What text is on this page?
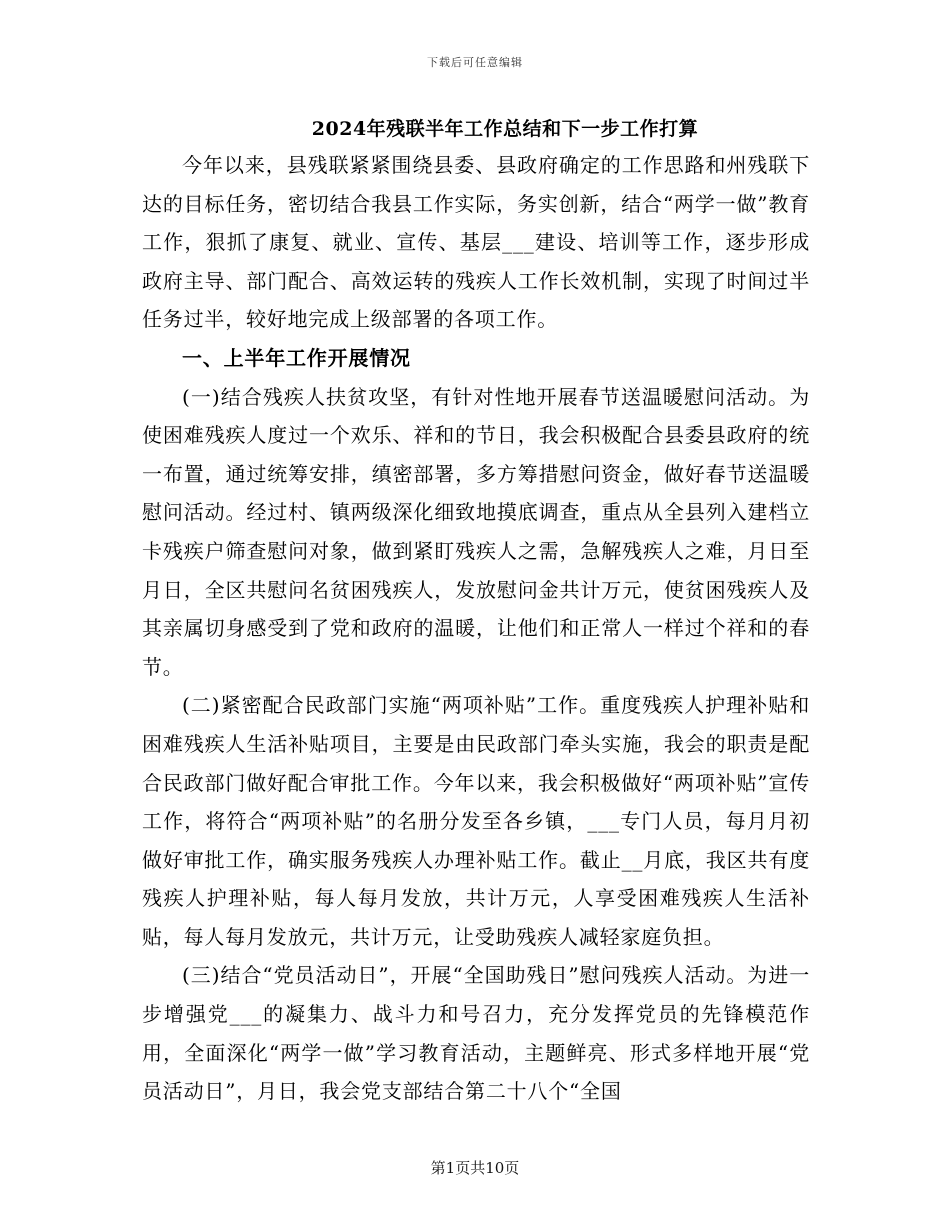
下载后可任意编辑
2024年残联半年工作总结和下一步工作打算

今年以来，县残联紧紧围绕县委、县政府确定的工作思路和州残联下达的目标任务，密切结合我县工作实际，务实创新，结合“两学一做”教育工作，狠抓了康复、就业、宣传、基层___建设、培训等工作，逐步形成政府主导、部门配合、高效运转的残疾人工作长效机制，实现了时间过半任务过半，较好地完成上级部署的各项工作。

一、上半年工作开展情况

(一)结合残疾人扶贫攻坚，有针对性地开展春节送温暖慰问活动。为使困难残疾人度过一个欢乐、祥和的节日，我会积极配合县委县政府的统一布置，通过统筹安排，缜密部署，多方筹措慰问资金，做好春节送温暖慰问活动。经过村、镇两级深化细致地摸底调查，重点从全县列入建档立卡残疾户筛查慰问对象，做到紧盯残疾人之需，急解残疾人之难，月日至月日，全区共慰问名贫困残疾人，发放慰问金共计万元，使贫困残疾人及其亲属切身感受到了党和政府的温暖，让他们和正常人一样过个祥和的春节。

(二)紧密配合民政部门实施“两项补贴”工作。重度残疾人护理补贴和困难残疾人生活补贴项目，主要是由民政部门牵头实施，我会的职责是配合民政部门做好配合审批工作。今年以来，我会积极做好“两项补贴”宣传工作，将符合“两项补贴”的名册分发至各乡镇，___专门人员，每月月初做好审批工作，确实服务残疾人办理补贴工作。截止__月底，我区共有度残疾人护理补贴，每人每月发放，共计万元，人享受困难残疾人生活补贴，每人每月发放元，共计万元，让受助残疾人减轻家庭负担。

(三)结合“党员活动日”，开展“全国助残日”慰问残疾人活动。为进一步增强党___的凝集力、战斗力和号召力，充分发挥党员的先锋模范作用，全面深化“两学一做”学习教育活动，主题鲜亮、形式多样地开展“党员活动日”，月日，我会党支部结合第二十八个“全国

第1页共10页
